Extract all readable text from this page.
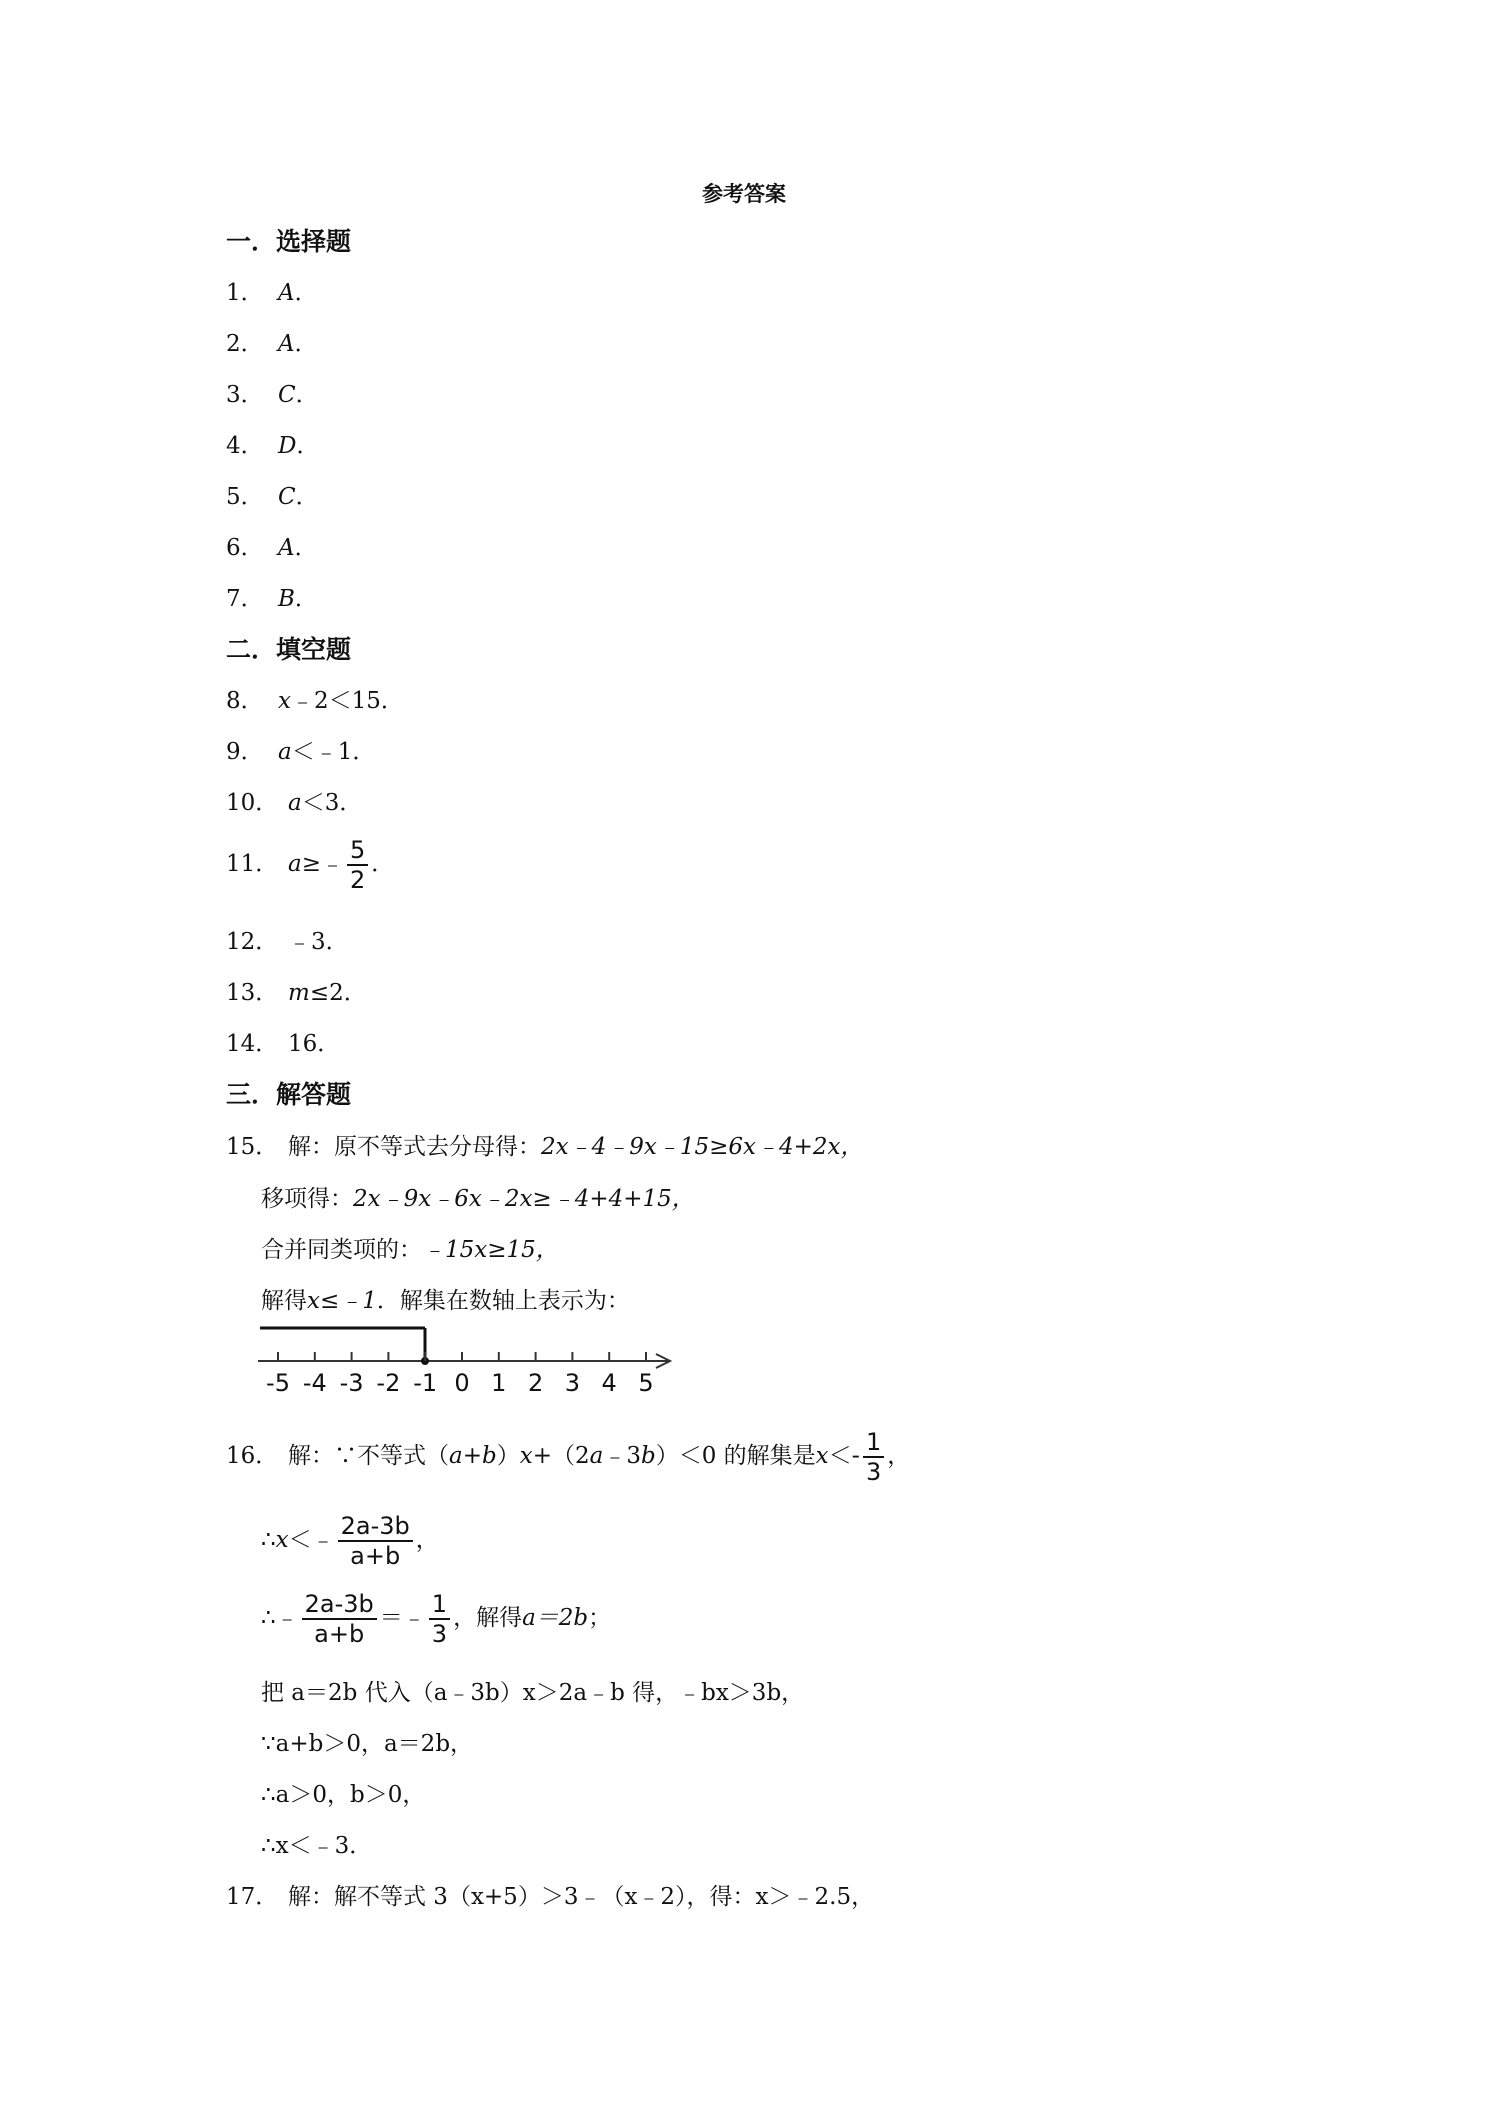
参考答案
一．选择题
1． A．
2． A．
3． C．
4． D．
5． C．
6． A．
7． B．
二．填空题
8． x﹣2＜15．
9． a＜﹣1．
10． a＜3．
11． a≥﹣ $\frac{5}{2}$ ．
12． ﹣3．
13． m≤2．
14． 16．
三．解答题
15． 解：原不等式去分母得：2x﹣4﹣9x﹣15≥6x﹣4+2x，
移项得：2x﹣9x﹣6x﹣2x≥﹣4+4+15，
合并同类项的：﹣15x≥15，
解得x≤﹣1．解集在数轴上表示为：
-5 -4 -3 -2 -1 0 1 2 3 4 5
16． 解：∵不等式（a+b）x+（2a﹣3b）＜0 的解集是$x<- \frac{1}{3}$ ，
∴x＜﹣ $\frac{2a-3b}{a+b}$ ，
∴﹣ $\frac{2a-3b}{a+b}$ ＝﹣ $\frac{1}{3}$ ，解得a＝2b；
把 a＝2b 代入（a﹣3b）x＞2a﹣b 得，﹣bx＞3b，
∵a+b＞0，a＝2b，
∴a＞0，b＞0，
∴x＜﹣3．
17． 解：解不等式 3（x+5）＞3﹣（x﹣2），得：x＞﹣2.5，
